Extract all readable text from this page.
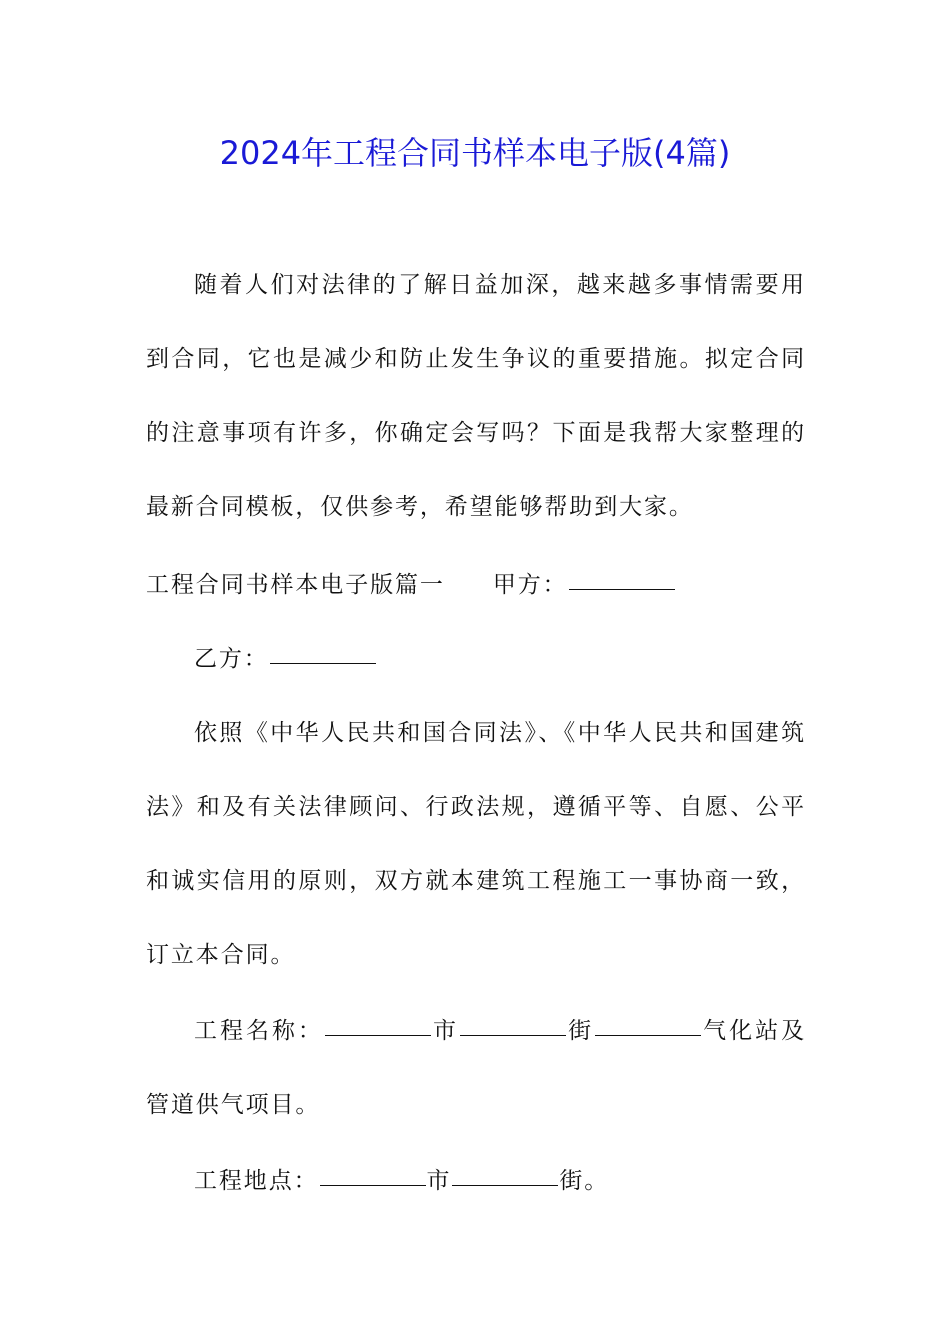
2024年工程合同书样本电子版(4篇)

随着人们对法律的了解日益加深，越来越多事情需要用到合同，它也是减少和防止发生争议的重要措施。拟定合同的注意事项有许多，你确定会写吗？下面是我帮大家整理的最新合同模板，仅供参考，希望能够帮助到大家。

工程合同书样本电子版篇一 甲方：

乙方：

依照《中华人民共和国合同法》、《中华人民共和国建筑法》和及有关法律顾问、行政法规，遵循平等、自愿、公平和诚实信用的原则，双方就本建筑工程施工一事协商一致，订立本合同。

工程名称：	市	街	气化站及管道供气项目。

工程地点：	市	街。
